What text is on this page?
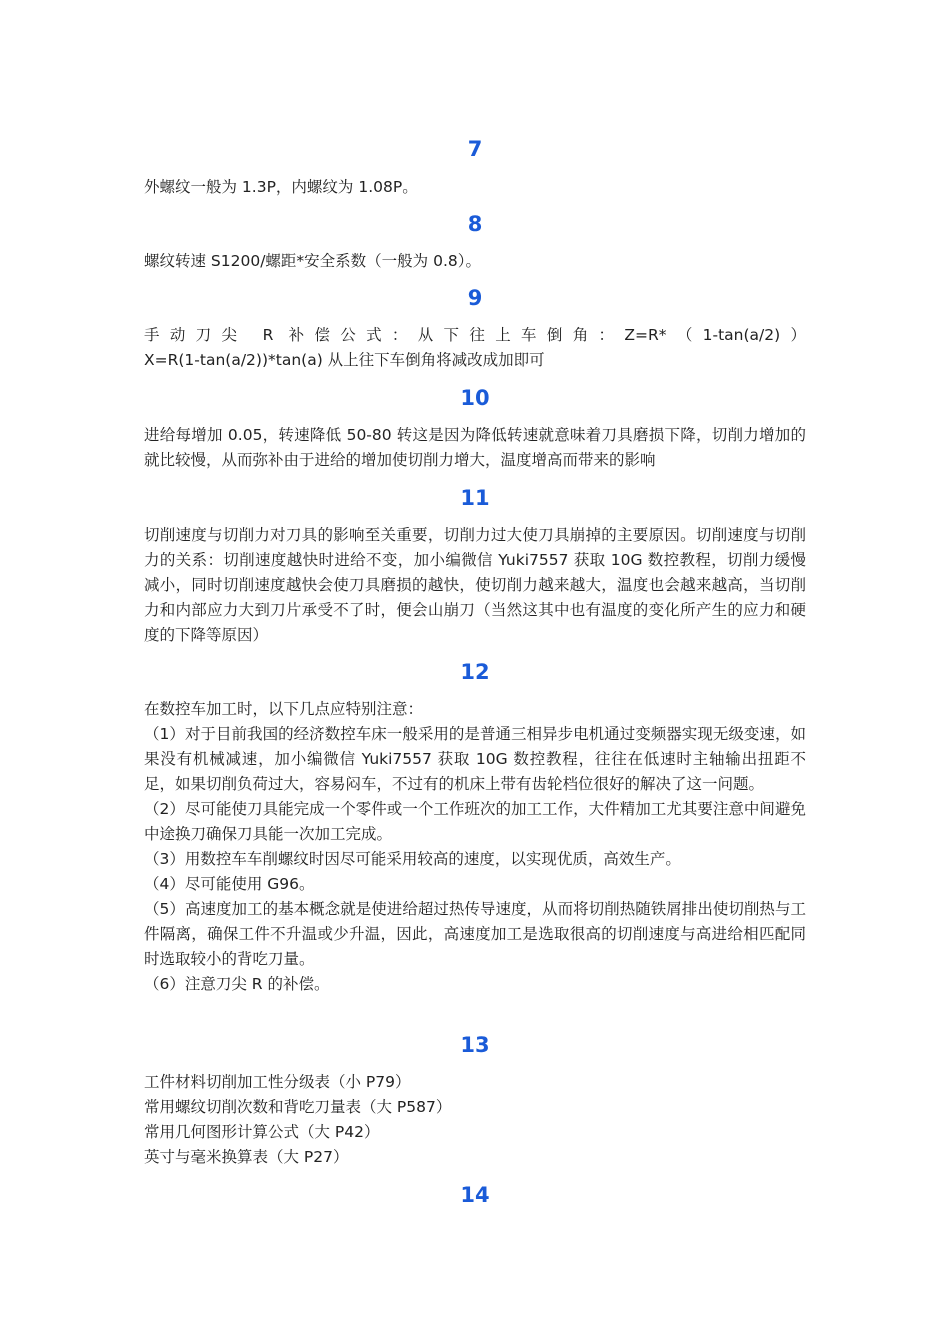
7

外螺纹一般为 1.3P，内螺纹为 1.08P。

8

螺纹转速 S1200/螺距*安全系数（一般为 0.8）。

9

手动刀尖 R 补偿公式：从下往上车倒角：Z=R*（1-tan(a/2)）

X=R(1-tan(a/2))*tan(a) 从上往下车倒角将减改成加即可

10

进给每增加 0.05，转速降低 50-80 转这是因为降低转速就意味着刀具磨损下降，切削力增加的就比较慢，从而弥补由于进给的增加使切削力增大，温度增高而带来的影响

11

切削速度与切削力对刀具的影响至关重要，切削力过大使刀具崩掉的主要原因。切削速度与切削力的关系：切削速度越快时进给不变，加小编微信 Yuki7557 获取 10G 数控教程，切削力缓慢减小，同时切削速度越快会使刀具磨损的越快，使切削力越来越大，温度也会越来越高，当切削力和内部应力大到刀片承受不了时，便会山崩刀（当然这其中也有温度的变化所产生的应力和硬度的下降等原因）

12

在数控车加工时，以下几点应特别注意：

（1）对于目前我国的经济数控车床一般采用的是普通三相异步电机通过变频器实现无级变速，如果没有机械减速，加小编微信 Yuki7557 获取 10G 数控教程，往往在低速时主轴输出扭距不足，如果切削负荷过大，容易闷车，不过有的机床上带有齿轮档位很好的解决了这一问题。

（2）尽可能使刀具能完成一个零件或一个工作班次的加工工作，大件精加工尤其要注意中间避免中途换刀确保刀具能一次加工完成。

（3）用数控车车削螺纹时因尽可能采用较高的速度，以实现优质，高效生产。

（4）尽可能使用 G96。

（5）高速度加工的基本概念就是使进给超过热传导速度，从而将切削热随铁屑排出使切削热与工件隔离，确保工件不升温或少升温，因此，高速度加工是选取很高的切削速度与高进给相匹配同时选取较小的背吃刀量。

（6）注意刀尖 R 的补偿。

13

工件材料切削加工性分级表（小 P79）

常用螺纹切削次数和背吃刀量表（大 P587）

常用几何图形计算公式（大 P42）

英寸与毫米换算表（大 P27）

14
